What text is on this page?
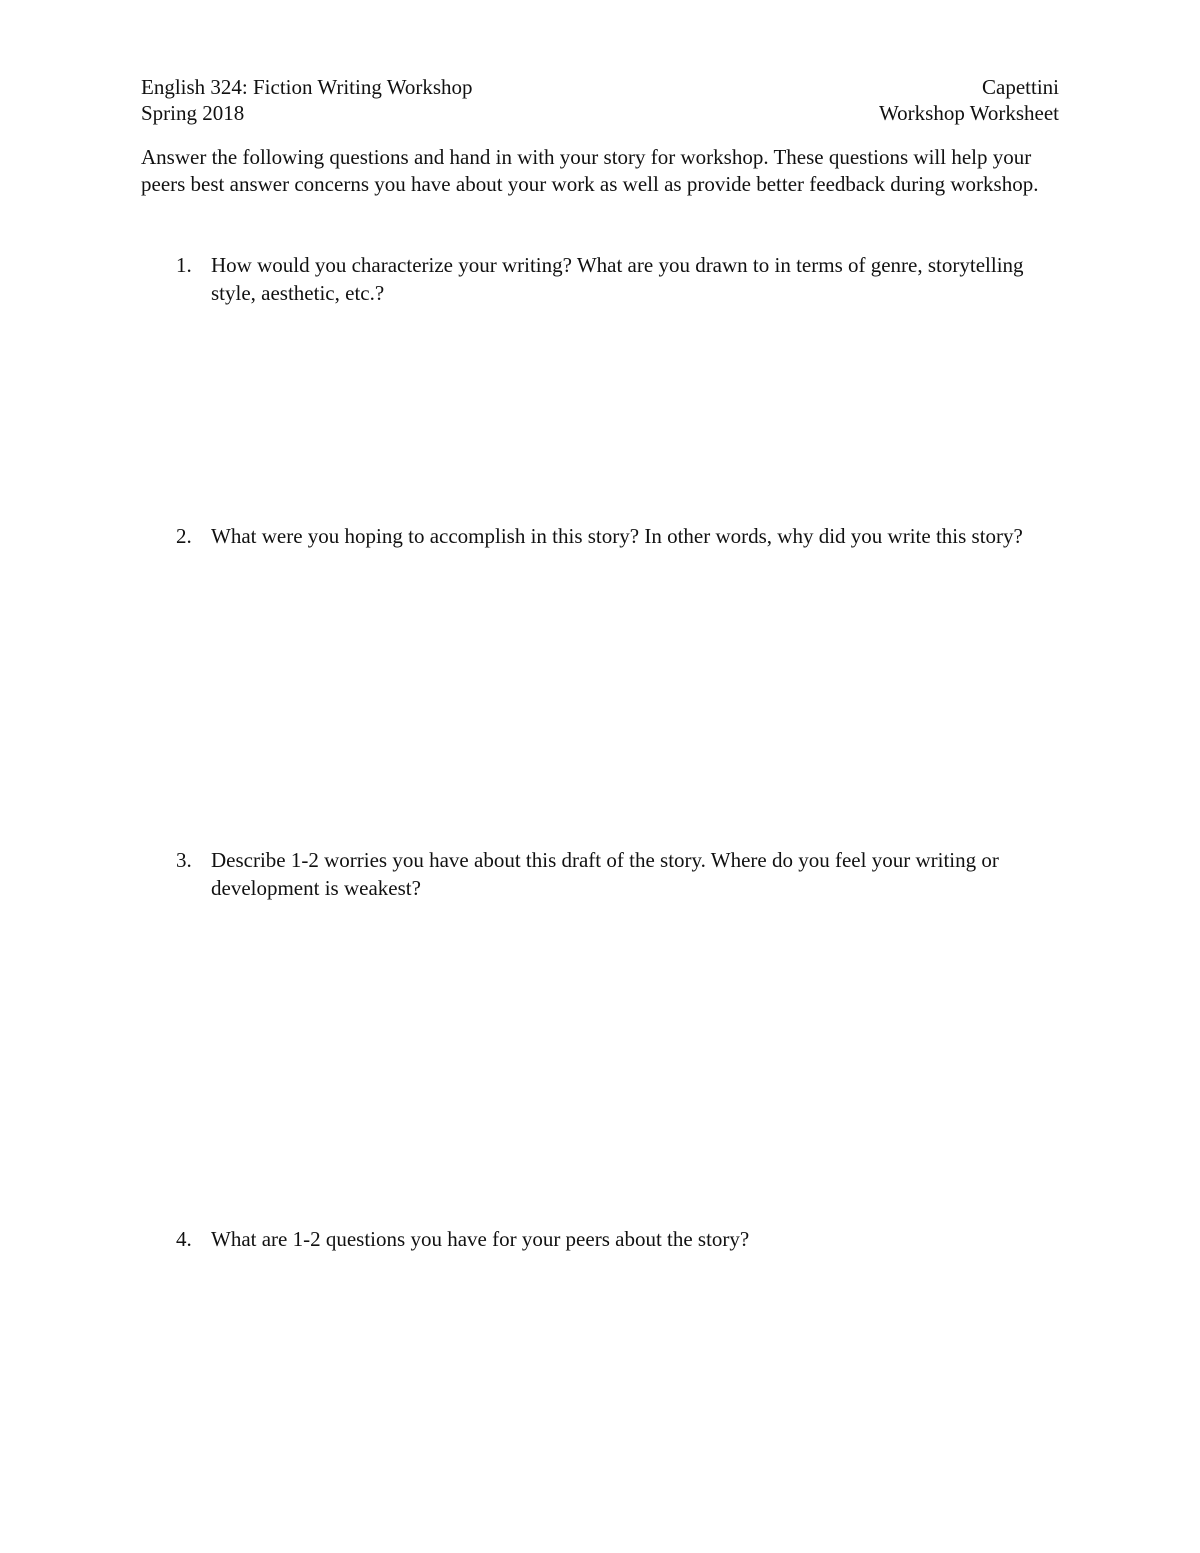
English 324: Fiction Writing Workshop	Capettini
Spring 2018	Workshop Worksheet
Answer the following questions and hand in with your story for workshop. These questions will help your peers best answer concerns you have about your work as well as provide better feedback during workshop.
1. How would you characterize your writing? What are you drawn to in terms of genre, storytelling style, aesthetic, etc.?
2. What were you hoping to accomplish in this story? In other words, why did you write this story?
3. Describe 1-2 worries you have about this draft of the story. Where do you feel your writing or development is weakest?
4. What are 1-2 questions you have for your peers about the story?
